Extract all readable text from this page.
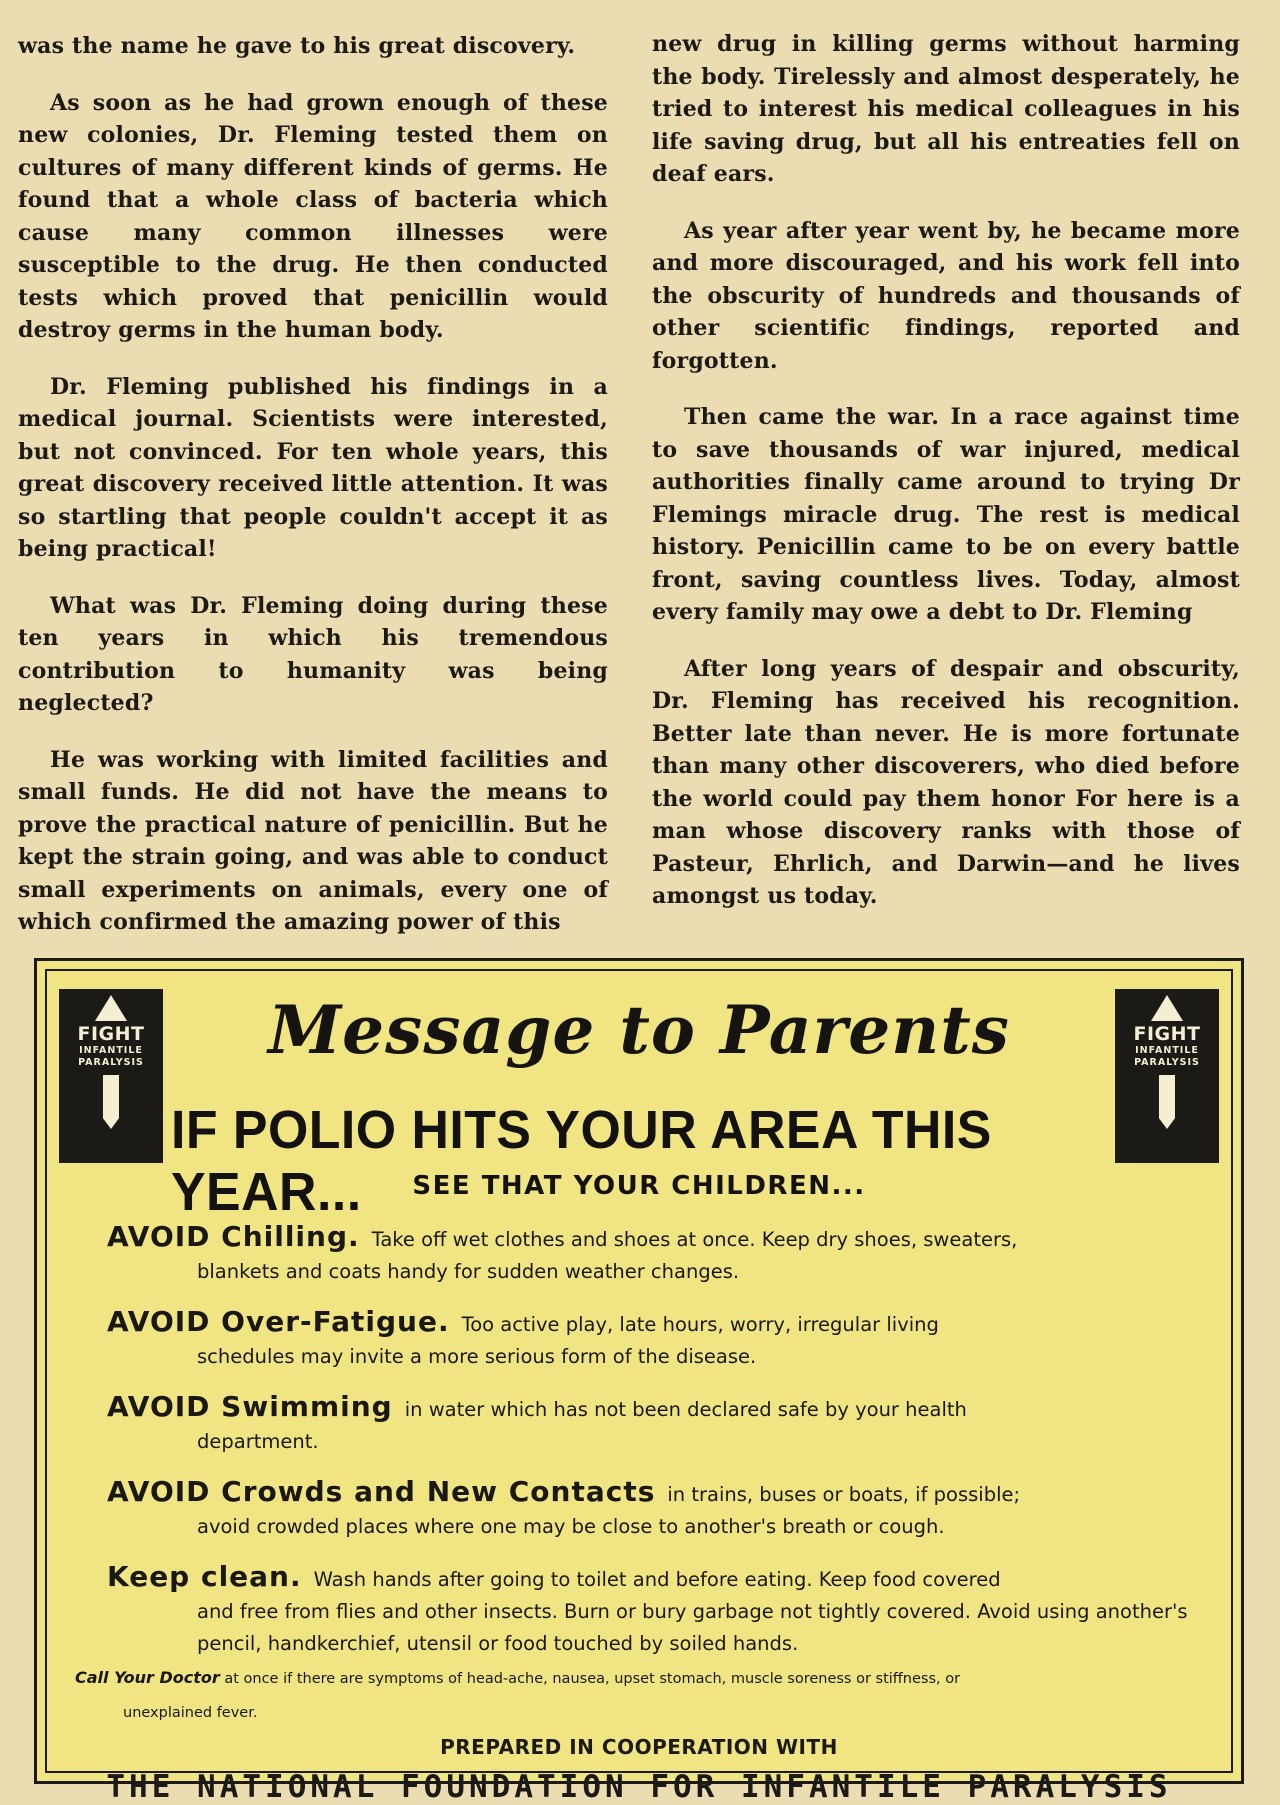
was the name he gave to his great discovery.

As soon as he had grown enough of these new colonies, Dr. Fleming tested them on cultures of many different kinds of germs. He found that a whole class of bacteria which cause many common illnesses were susceptible to the drug. He then conducted tests which proved that penicillin would destroy germs in the human body.

Dr. Fleming published his findings in a medical journal. Scientists were interested, but not convinced. For ten whole years, this great discovery received little attention. It was so startling that people couldn't accept it as being practical!

What was Dr. Fleming doing during these ten years in which his tremendous contribution to humanity was being neglected?

He was working with limited facilities and small funds. He did not have the means to prove the practical nature of penicillin. But he kept the strain going, and was able to conduct small experiments on animals, every one of which confirmed the amazing power of this

new drug in killing germs without harming the body. Tirelessly and almost desperately, he tried to interest his medical colleagues in his life saving drug, but all his entreaties fell on deaf ears.

As year after year went by, he became more and more discouraged, and his work fell into the obscurity of hundreds and thousands of other scientific findings, reported and forgotten.

Then came the war. In a race against time to save thousands of war injured, medical authorities finally came around to trying Dr Flemings miracle drug. The rest is medical history. Penicillin came to be on every battle front, saving countless lives. Today, almost every family may owe a debt to Dr. Fleming

After long years of despair and obscurity, Dr. Fleming has received his recognition. Better late than never. He is more fortunate than many other discoverers, who died before the world could pay them honor For here is a man whose discovery ranks with those of Pasteur, Ehrlich, and Darwin—and he lives amongst us today.

FIGHT
INFANTILE
PARALYSIS
FIGHT
INFANTILE
PARALYSIS
Message to Parents
IF POLIO HITS YOUR AREA THIS YEAR...	SEE THAT YOUR CHILDREN...
AVOID Chilling. Take off wet clothes and shoes at once. Keep dry shoes, sweaters,
blankets and coats handy for sudden weather changes.
AVOID Over-Fatigue. Too active play, late hours, worry, irregular living
schedules may invite a more serious form of the disease.
AVOID Swimming in water which has not been declared safe by your health
department.
AVOID Crowds and New Contacts in trains, buses or boats, if possible;
avoid crowded places where one may be close to another's breath or cough.
Keep clean. Wash hands after going to toilet and before eating. Keep food covered
and free from flies and other insects. Burn or bury garbage not tightly covered. Avoid using another's pencil, handkerchief, utensil or food touched by soiled hands.
Call Your Doctor at once if there are symptoms of head-ache, nausea, upset stomach, muscle soreness or stiffness, or
unexplained fever.
PREPARED IN COOPERATION WITH
THE NATIONAL FOUNDATION FOR INFANTILE PARALYSIS
